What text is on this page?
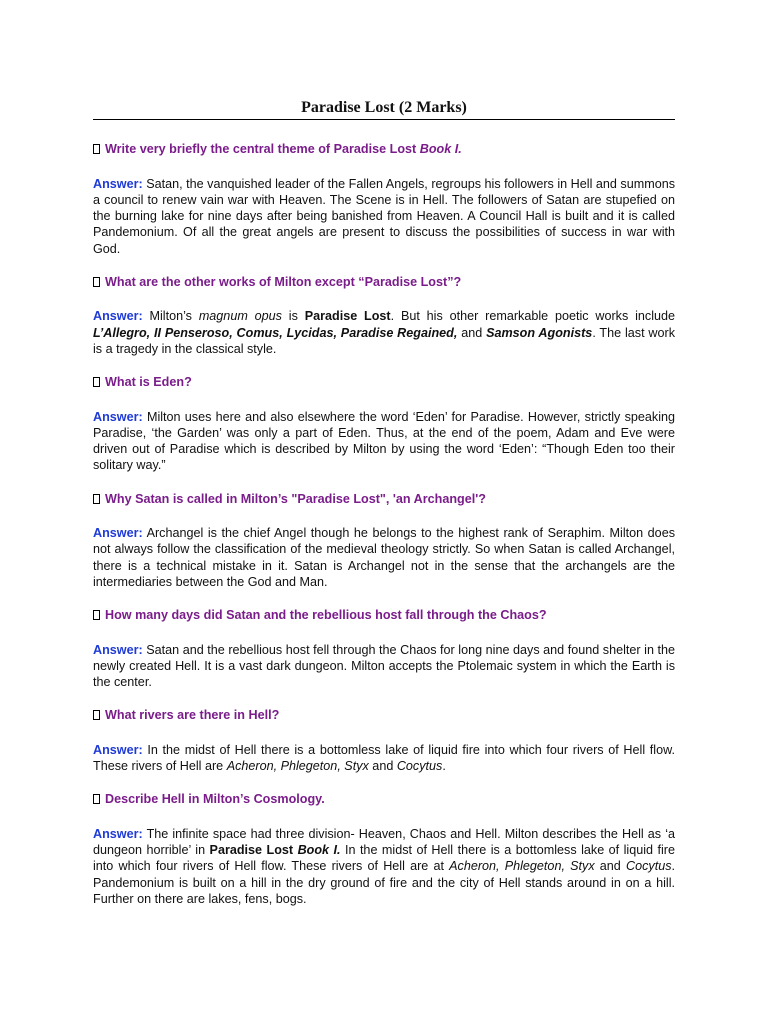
Paradise Lost (2 Marks)

Write very briefly the central theme of Paradise Lost Book I.

Answer: Satan, the vanquished leader of the Fallen Angels, regroups his followers in Hell and summons a council to renew vain war with Heaven. The Scene is in Hell. The followers of Satan are stupefied on the burning lake for nine days after being banished from Heaven. A Council Hall is built and it is called Pandemonium. Of all the great angels are present to discuss the possibilities of success in war with God.

What are the other works of Milton except “Paradise Lost”?

Answer: Milton’s magnum opus is Paradise Lost. But his other remarkable poetic works include L’Allegro, II Penseroso, Comus, Lycidas, Paradise Regained, and Samson Agonists. The last work is a tragedy in the classical style.

What is Eden?

Answer: Milton uses here and also elsewhere the word ‘Eden’ for Paradise. However, strictly speaking Paradise, ‘the Garden’ was only a part of Eden. Thus, at the end of the poem, Adam and Eve were driven out of Paradise which is described by Milton by using the word ‘Eden’: “Though Eden too their solitary way.”

Why Satan is called in Milton’s "Paradise Lost", 'an Archangel'?

Answer: Archangel is the chief Angel though he belongs to the highest rank of Seraphim. Milton does not always follow the classification of the medieval theology strictly. So when Satan is called Archangel, there is a technical mistake in it. Satan is Archangel not in the sense that the archangels are the intermediaries between the God and Man.

How many days did Satan and the rebellious host fall through the Chaos?

Answer: Satan and the rebellious host fell through the Chaos for long nine days and found shelter in the newly created Hell. It is a vast dark dungeon. Milton accepts the Ptolemaic system in which the Earth is the center.

What rivers are there in Hell?

Answer: In the midst of Hell there is a bottomless lake of liquid fire into which four rivers of Hell flow. These rivers of Hell are Acheron, Phlegeton, Styx and Cocytus.

Describe Hell in Milton’s Cosmology.

Answer: The infinite space had three division- Heaven, Chaos and Hell. Milton describes the Hell as ‘a dungeon horrible’ in Paradise Lost Book I. In the midst of Hell there is a bottomless lake of liquid fire into which four rivers of Hell flow. These rivers of Hell are at Acheron, Phlegeton, Styx and Cocytus. Pandemonium is built on a hill in the dry ground of fire and the city of Hell stands around in on a hill. Further on there are lakes, fens, bogs.
